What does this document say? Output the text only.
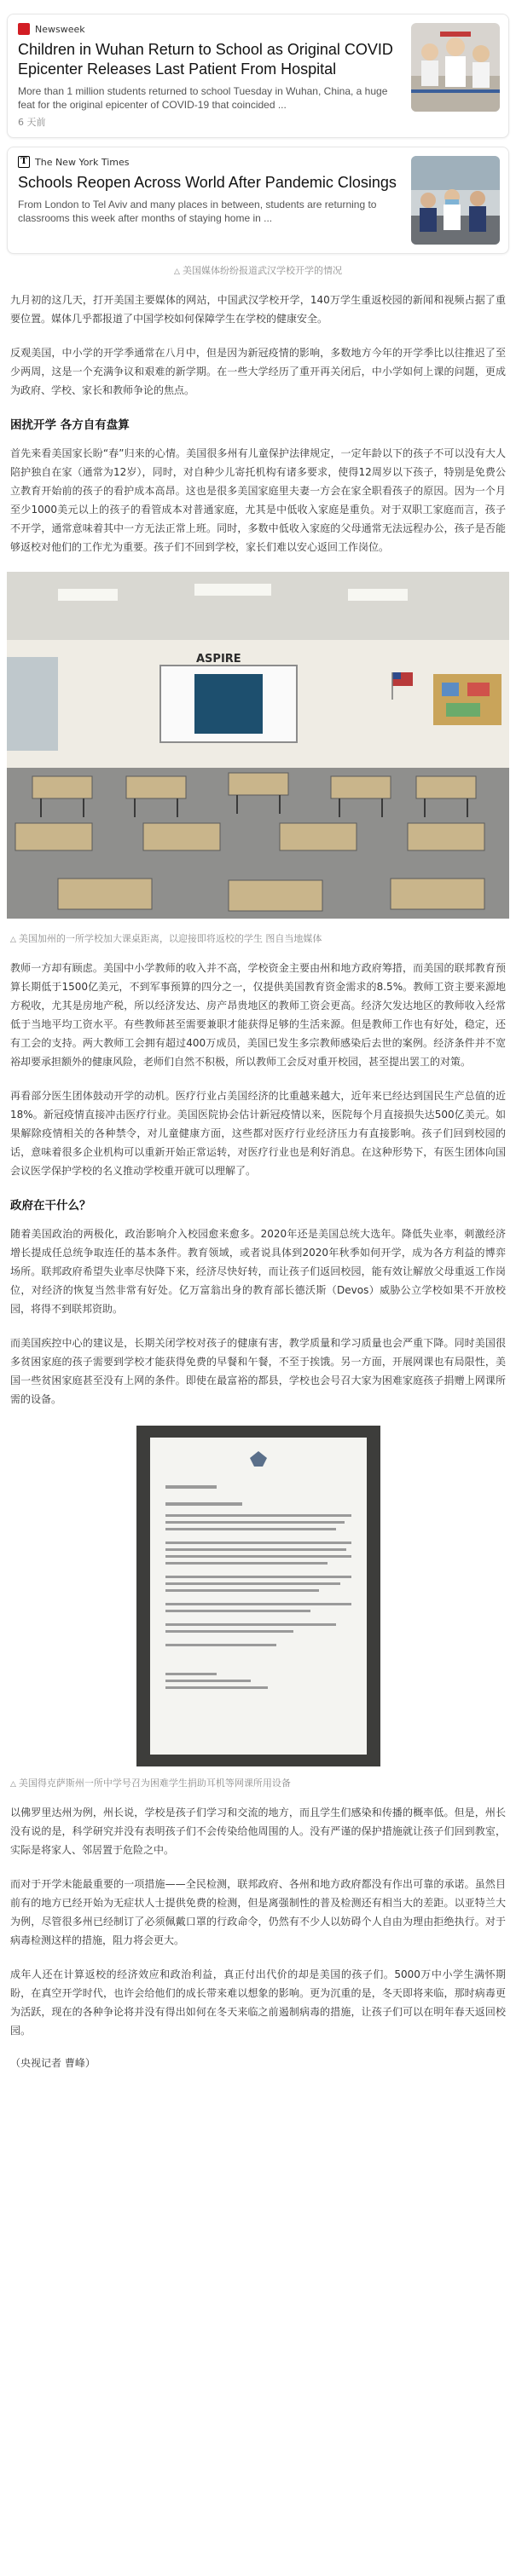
Newsweek
Children in Wuhan Return to School as Original COVID Epicenter Releases Last Patient From Hospital
More than 1 million students returned to school Tuesday in Wuhan, China, a huge feat for the original epicenter of COVID-19 that coincided ...
6 天前
T The New York Times
Schools Reopen Across World After Pandemic Closings
From London to Tel Aviv and many places in between, students are returning to classrooms this week after months of staying home in ...
△ 美国媒体纷纷报道武汉学校开学的情况

九月初的这几天，打开美国主要媒体的网站，中国武汉学校开学，140万学生重返校园的新闻和视频占据了重要位置。媒体几乎都报道了中国学校如何保障学生在学校的健康安全。

反观美国，中小学的开学季通常在八月中，但是因为新冠疫情的影响，多数地方今年的开学季比以往推迟了至少两周，这是一个充满争议和艰难的新学期。在一些大学经历了重开再关闭后，中小学如何上课的问题，更成为政府、学校、家长和教师争论的焦点。

困扰开学 各方自有盘算

首先来看美国家长盼“春”归来的心情。美国很多州有儿童保护法律规定，一定年龄以下的孩子不可以没有大人陪护独自在家（通常为12岁），同时，对自种少儿寄托机构有诸多要求，使得12周岁以下孩子，特别是免费公立教育开始前的孩子的看护成本高昂。这也是很多美国家庭里夫妻一方会在家全职看孩子的原因。因为一个月至少1000美元以上的孩子的看管成本对普通家庭，尤其是中低收入家庭是重负。对于双职工家庭而言，孩子不开学，通常意味着其中一方无法正常上班。同时，多数中低收入家庭的父母通常无法远程办公，孩子是否能够返校对他们的工作尤为重要。孩子们不回到学校，家长们难以安心返回工作岗位。

ASPIRE
△ 美国加州的一所学校加大课桌距离，以迎接即将返校的学生 图自当地媒体

教师一方却有顾虑。美国中小学教师的收入并不高，学校资金主要由州和地方政府筹措，而美国的联邦教育预算长期低于1500亿美元，不到军事预算的四分之一，仅提供美国教育资金需求的8.5%。教师工资主要来源地方税收，尤其是房地产税，所以经济发达、房产昂贵地区的教师工资会更高。经济欠发达地区的教师收入经常低于当地平均工资水平。有些教师甚至需要兼职才能获得足够的生活来源。但是教师工作也有好处，稳定，还有工会的支持。两大教师工会拥有超过400万成员，美国已发生多宗教师感染后去世的案例。经济条件并不宽裕却要承担额外的健康风险，老师们自然不积极，所以教师工会反对重开校园，甚至提出罢工的对策。

再看部分医生团体鼓动开学的动机。医疗行业占美国经济的比重越来越大，近年来已经达到国民生产总值的近18%。新冠疫情直接冲击医疗行业。美国医院协会估计新冠疫情以来，医院每个月直接损失达500亿美元。如果解除疫情相关的各种禁令，对儿童健康方面，这些都对医疗行业经济压力有直接影响。孩子们回到校园的话，意味着很多企业机构可以重新开始正常运转，对医疗行业也是利好消息。在这种形势下，有医生团体向国会议医学保护学校的名义推动学校重开就可以理解了。

政府在干什么？

随着美国政治的两极化，政治影响介入校园愈来愈多。2020年还是美国总统大选年。降低失业率，刺激经济增长提成任总统争取连任的基本条件。教育领域，或者说具体到2020年秋季如何开学，成为各方利益的博弈场所。联邦政府希望失业率尽快降下来，经济尽快好转，而让孩子们返回校园，能有效让解放父母重返工作岗位，对经济的恢复当然非常有好处。亿万富翁出身的教育部长德沃斯（Devos）威胁公立学校如果不开放校园，将得不到联邦资助。

而美国疾控中心的建议是，长期关闭学校对孩子的健康有害，教学质量和学习质量也会严重下降。同时美国很多贫困家庭的孩子需要到学校才能获得免费的早餐和午餐，不至于挨饿。另一方面，开展网课也有局限性，美国一些贫困家庭甚至没有上网的条件。即使在最富裕的都县，学校也会号召大家为困难家庭孩子捐赠上网课所需的设备。

△ 美国得克萨斯州一所中学号召为困难学生捐助耳机等网课所用设备

以佛罗里达州为例，州长说，学校是孩子们学习和交流的地方，而且学生们感染和传播的概率低。但是，州长没有说的是，科学研究并没有表明孩子们不会传染给他周围的人。没有严谨的保护措施就让孩子们回到教室，实际是将家人、邻居置于危险之中。

而对于开学未能最重要的一项措施——全民检测，联邦政府、各州和地方政府都没有作出可靠的承诺。虽然目前有的地方已经开始为无症状人士提供免费的检测，但是离强制性的普及检测还有相当大的差距。以亚特兰大为例，尽管很多州已经制订了必须佩戴口罩的行政命令，仍然有不少人以妨碍个人自由为理由拒绝执行。对于病毒检测这样的措施，阻力将会更大。

成年人还在计算返校的经济效应和政治利益，真正付出代价的却是美国的孩子们。5000万中小学生满怀期盼，在真空开学时代，也许会给他们的成长带来难以想象的影响。更为沉重的是，冬天即将来临，那时病毒更为活跃，现在的各种争论将并没有得出如何在冬天来临之前遏制病毒的措施，让孩子们可以在明年春天返回校园。

（央视记者 曹峰）
